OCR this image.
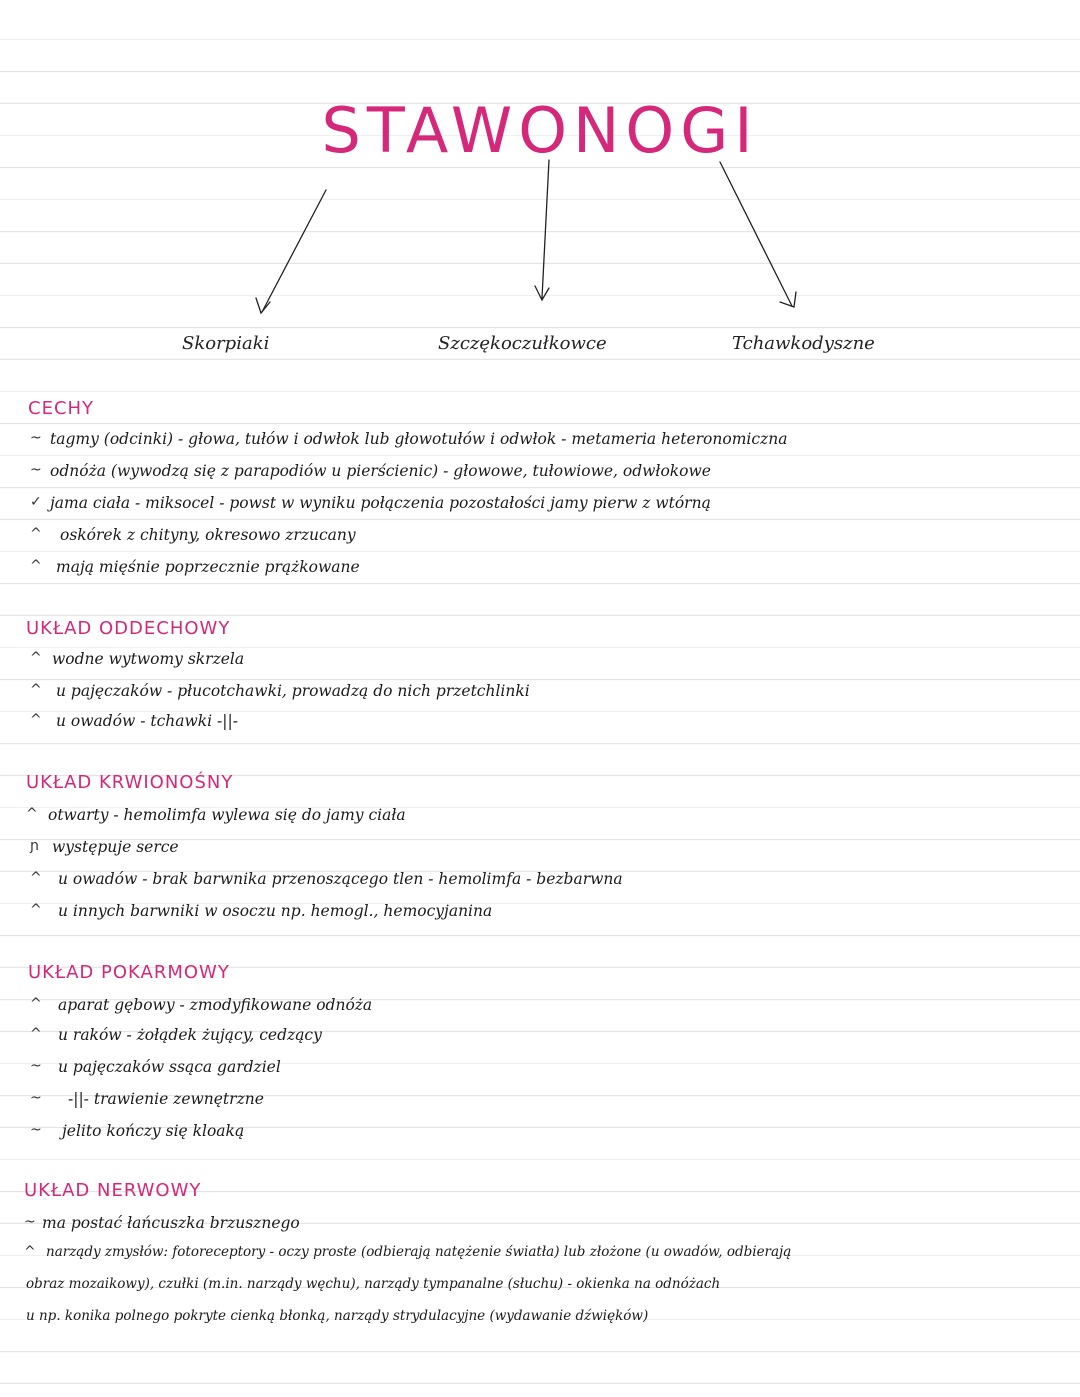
STAWONOGI
Skorpiaki	Szczękoczułkowce	Tchawkodyszne
CECHY
~ tagmy (odcinki) - głowa, tułów i odwłok lub głowotułów i odwłok - metameria heteronomiczna
~ odnóża (wywodzą się z parapodiów u pierścienic) - głowowe, tułowiowe, odwłokowe
✓ jama ciała - miksocel - powst w wyniku połączenia pozostałości jamy pierw z wtórną
^ oskórek z chityny, okresowo zrzucany
^ mają mięśnie poprzecznie prążkowane
UKŁAD ODDECHOWY
^ wodne wytwomy skrzela
^ u pajęczaków - płucotchawki, prowadzą do nich przetchlinki
^ u owadów - tchawki -||-
UKŁAD KRWIONOŚNY
^ otwarty - hemolimfa wylewa się do jamy ciała
ɲ występuje serce
^ u owadów - brak barwnika przenoszącego tlen - hemolimfa - bezbarwna
^ u innych barwniki w osoczu np. hemogl., hemocyjanina
UKŁAD POKARMOWY
^ aparat gębowy - zmodyfikowane odnóża
^ u raków - żołądek żujący, cedzący
~ u pajęczaków ssąca gardziel
~ -||- trawienie zewnętrzne
~ jelito kończy się kloaką
UKŁAD NERWOWY
~ ma postać łańcuszka brzusznego
^ narządy zmysłów: fotoreceptory - oczy proste (odbierają natężenie światła) lub złożone (u owadów, odbierają
obraz mozaikowy), czułki (m.in. narządy węchu), narządy tympanalne (słuchu) - okienka na odnóżach
u np. konika polnego pokryte cienką błonką, narządy strydulacyjne (wydawanie dźwięków)
